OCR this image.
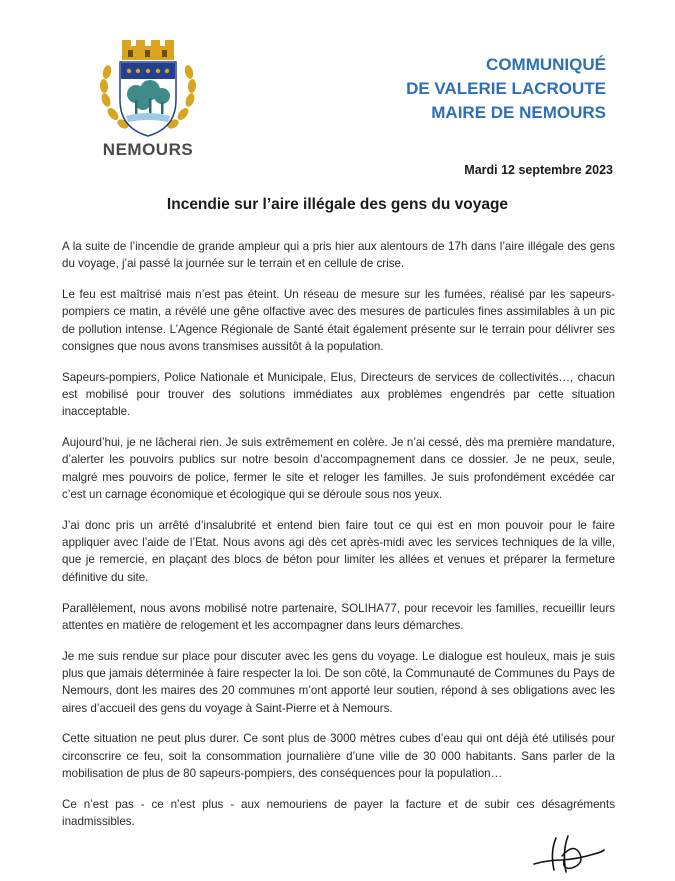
NEMOURS
COMMUNIQUÉ
DE VALERIE LACROUTE
MAIRE DE NEMOURS
Mardi 12 septembre 2023
Incendie sur l’aire illégale des gens du voyage

A la suite de l’incendie de grande ampleur qui a pris hier aux alentours de 17h dans l’aire illégale des gens du voyage, j’ai passé la journée sur le terrain et en cellule de crise.

Le feu est maîtrisé mais n’est pas éteint. Un réseau de mesure sur les fumées, réalisé par les sapeurs-pompiers ce matin, a révélé une gêne olfactive avec des mesures de particules fines assimilables à un pic de pollution intense. L’Agence Régionale de Santé était également présente sur le terrain pour délivrer ses consignes que nous avons transmises aussitôt à la population.

Sapeurs-pompiers, Police Nationale et Municipale, Elus, Directeurs de services de collectivités…, chacun est mobilisé pour trouver des solutions immédiates aux problèmes engendrés par cette situation inacceptable.

Aujourd’hui, je ne lâcherai rien. Je suis extrêmement en colère. Je n’ai cessé, dès ma première mandature, d’alerter les pouvoirs publics sur notre besoin d’accompagnement dans ce dossier. Je ne peux, seule, malgré mes pouvoirs de police, fermer le site et reloger les familles. Je suis profondément excédée car c’est un carnage économique et écologique qui se déroule sous nos yeux.

J’ai donc pris un arrêté d’insalubrité et entend bien faire tout ce qui est en mon pouvoir pour le faire appliquer avec l’aide de l’Etat. Nous avons agi dès cet après-midi avec les services techniques de la ville, que je remercie, en plaçant des blocs de béton pour limiter les allées et venues et préparer la fermeture définitive du site.

Parallèlement, nous avons mobilisé notre partenaire, SOLIHA77, pour recevoir les familles, recueillir leurs attentes en matière de relogement et les accompagner dans leurs démarches.

Je me suis rendue sur place pour discuter avec les gens du voyage. Le dialogue est houleux, mais je suis plus que jamais déterminée à faire respecter la loi. De son côté, la Communauté de Communes du Pays de Nemours, dont les maires des 20 communes m’ont apporté leur soutien, répond à ses obligations avec les aires d’accueil des gens du voyage à Saint-Pierre et à Nemours.

Cette situation ne peut plus durer. Ce sont plus de 3000 mètres cubes d’eau qui ont déjà été utilisés pour circonscrire ce feu, soit la consommation journalière d’une ville de 30 000 habitants. Sans parler de la mobilisation de plus de 80 sapeurs-pompiers, des conséquences pour la population…

Ce n’est pas - ce n’est plus - aux nemouriens de payer la facture et de subir ces désagréments inadmissibles.
